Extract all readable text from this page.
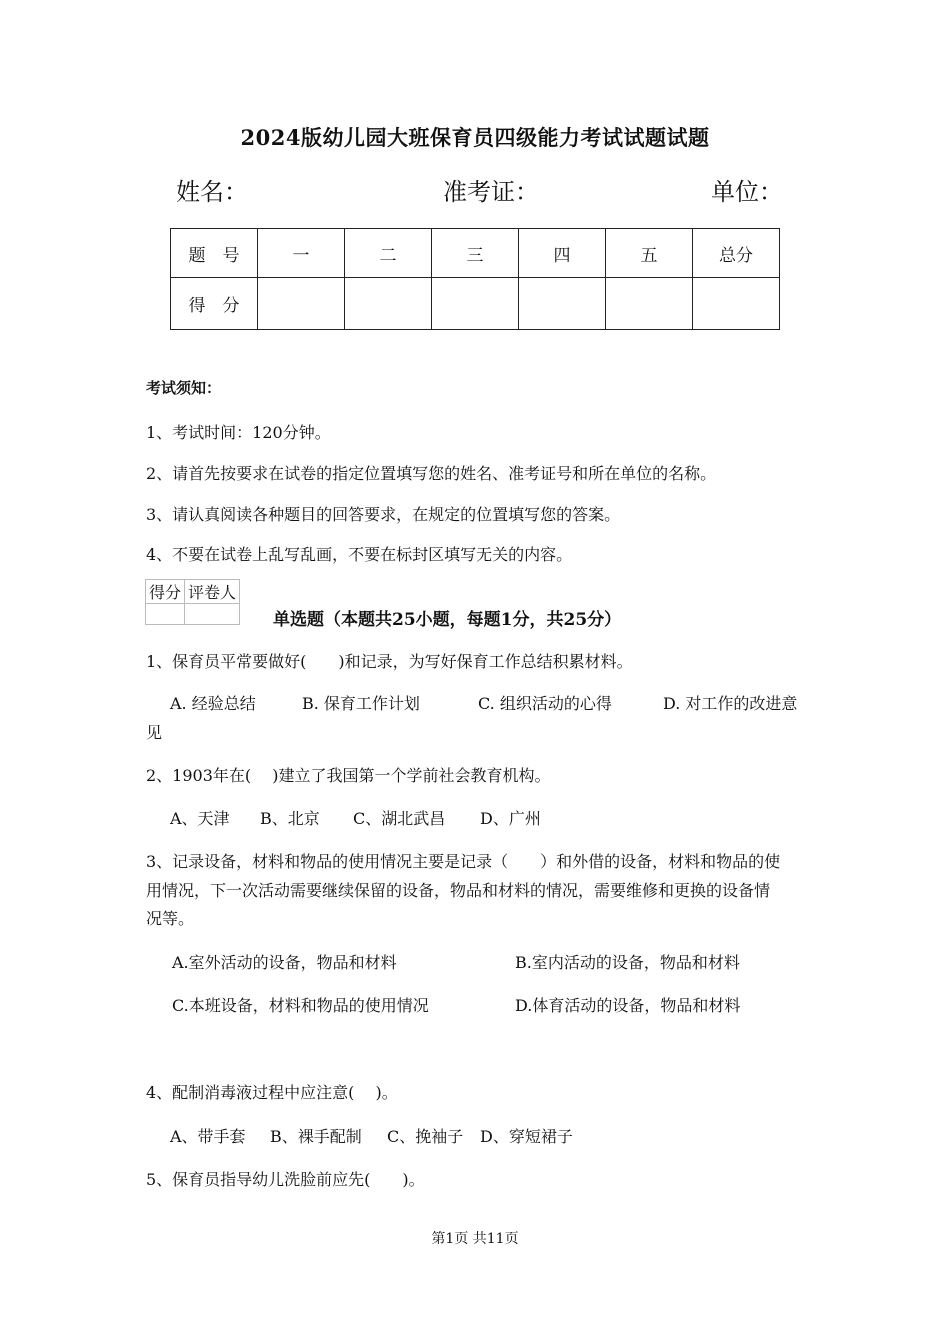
2024版幼儿园大班保育员四级能力考试试题试题
姓名：	准考证：	单位：
题　号	一	二	三	四	五	总分
得　分						
考试须知：
1、考试时间：120分钟。
2、请首先按要求在试卷的指定位置填写您的姓名、准考证号和所在单位的名称。
3、请认真阅读各种题目的回答要求，在规定的位置填写您的答案。
4、不要在试卷上乱写乱画，不要在标封区填写无关的内容。
得分	评卷人

单选题（本题共25小题，每题1分，共25分）
1、保育员平常要做好(　　)和记录，为写好保育工作总结积累材料。
A. 经验总结	B. 保育工作计划	C. 组织活动的心得	D. 对工作的改进意
见
2、1903年在(　 )建立了我国第一个学前社会教育机构。
A、天津 B、北京 C、湖北武昌 D、广州
3、记录设备，材料和物品的使用情况主要是记录（　　）和外借的设备，材料和物品的使
用情况，下一次活动需要继续保留的设备，物品和材料的情况，需要维修和更换的设备情
况等。
A.室外活动的设备，物品和材料	B.室内活动的设备，物品和材料
C.本班设备，材料和物品的使用情况	D.体育活动的设备，物品和材料
4、配制消毒液过程中应注意(　 )。
A、带手套 B、裸手配制 C、挽袖子 D、穿短裙子
5、保育员指导幼儿洗脸前应先(　　)。
第1页 共11页
